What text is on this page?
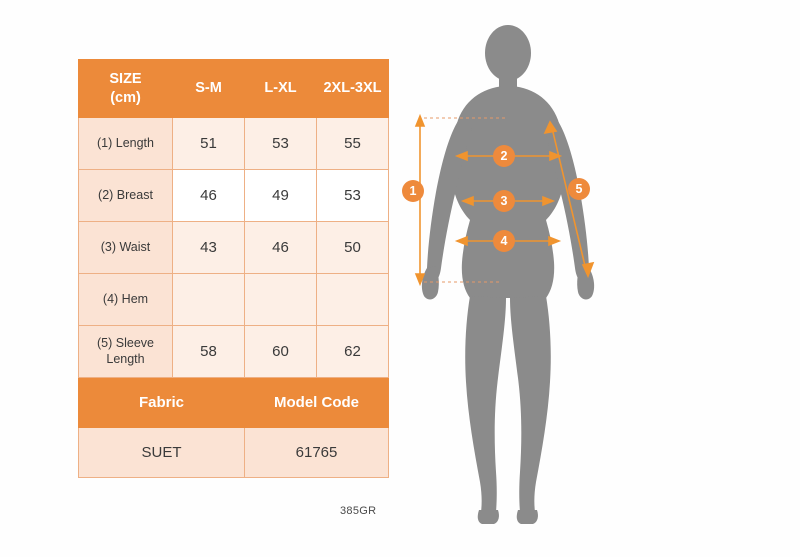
SIZE
(cm)	S-M	L-XL	2XL-3XL
(1) Length	51	53	55
(2) Breast	46	49	53
(3) Waist	43	46	50
(4) Hem			
(5) Sleeve Length	58	60	62
Fabric		Model Code	
SUET		61765	
385GR
1
2
3
4
5
